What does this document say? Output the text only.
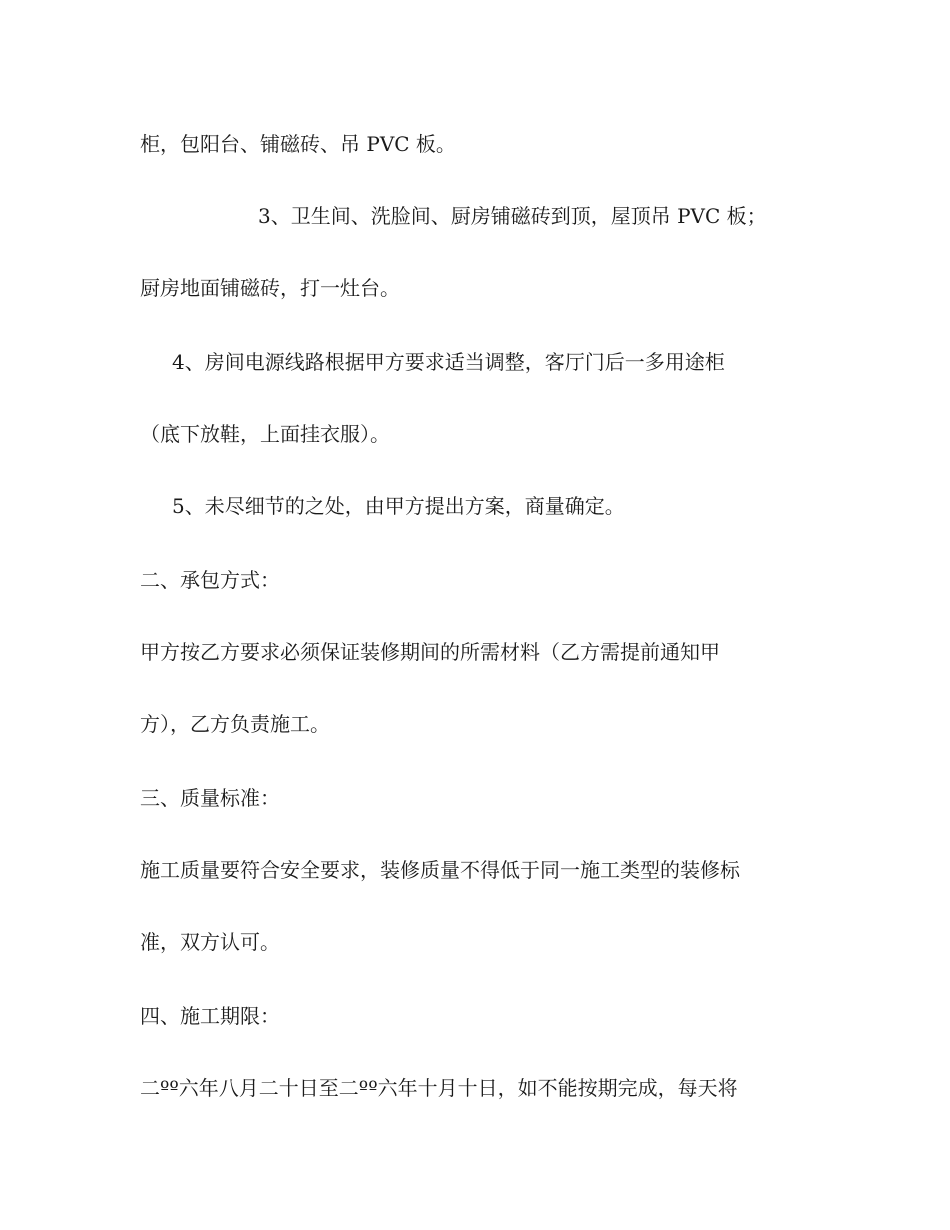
柜，包阳台、铺磁砖、吊 PVC 板。
3、卫生间、洗脸间、厨房铺磁砖到顶，屋顶吊 PVC 板；
厨房地面铺磁砖，打一灶台。
4、房间电源线路根据甲方要求适当调整，客厅门后一多用途柜
（底下放鞋，上面挂衣服）。
5、未尽细节的之处，由甲方提出方案，商量确定。
二、承包方式：
甲方按乙方要求必须保证装修期间的所需材料（乙方需提前通知甲
方），乙方负责施工。
三、质量标准：
施工质量要符合安全要求，装修质量不得低于同一施工类型的装修标
准，双方认可。
四、施工期限：
二ºº六年八月二十日至二ºº六年十月十日，如不能按期完成，每天将
